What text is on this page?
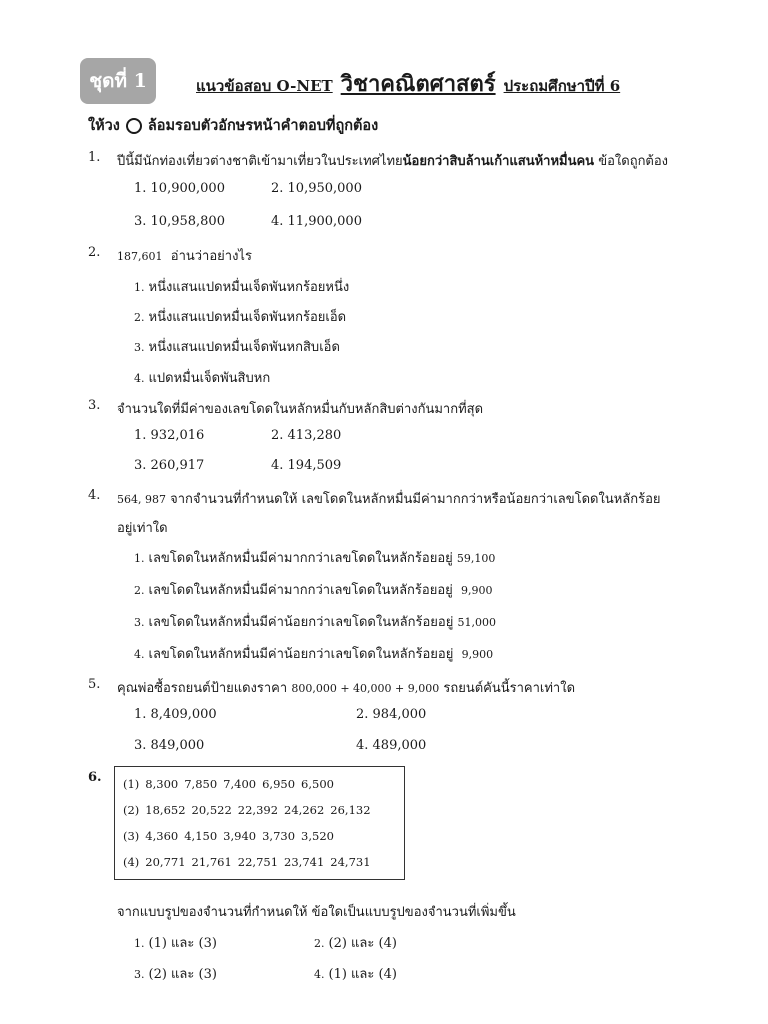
ชุดที่ 1	แนวข้อสอบ O-NET วิชาคณิตศาสตร์ ประถมศึกษาปีที่ 6
ให้วง ล้อมรอบตัวอักษรหน้าคำตอบที่ถูกต้อง
1. ปีนี้มีนักท่องเที่ยวต่างชาติเข้ามาเที่ยวในประเทศไทยน้อยกว่าสิบล้านเก้าแสนห้าหมื่นคน ข้อใดถูกต้อง
1. 10,900,000	2. 10,950,000
3. 10,958,800	4. 11,900,000
2. 187,601 อ่านว่าอย่างไร
1. หนึ่งแสนแปดหมื่นเจ็ดพันหกร้อยหนึ่ง
2. หนึ่งแสนแปดหมื่นเจ็ดพันหกร้อยเอ็ด
3. หนึ่งแสนแปดหมื่นเจ็ดพันหกสิบเอ็ด
4. แปดหมื่นเจ็ดพันสิบหก
3. จำนวนใดที่มีค่าของเลขโดดในหลักหมื่นกับหลักสิบต่างกันมากที่สุด
1. 932,016	2. 413,280
3. 260,917	4. 194,509
4. 564, 987 จากจำนวนที่กำหนดให้ เลขโดดในหลักหมื่นมีค่ามากกว่าหรือน้อยกว่าเลขโดดในหลักร้อย
อยู่เท่าใด
1. เลขโดดในหลักหมื่นมีค่ามากกว่าเลขโดดในหลักร้อยอยู่ 59,100
2. เลขโดดในหลักหมื่นมีค่ามากกว่าเลขโดดในหลักร้อยอยู่ 9,900
3. เลขโดดในหลักหมื่นมีค่าน้อยกว่าเลขโดดในหลักร้อยอยู่ 51,000
4. เลขโดดในหลักหมื่นมีค่าน้อยกว่าเลขโดดในหลักร้อยอยู่ 9,900
5. คุณพ่อซื้อรถยนต์ป้ายแดงราคา 800,000 + 40,000 + 9,000 รถยนต์คันนี้ราคาเท่าใด
1. 8,409,000	2. 984,000
3. 849,000	4. 489,000
6. (1) 8,300 7,850 7,400 6,950 6,500
(2) 18,652 20,522 22,392 24,262 26,132
(3) 4,360 4,150 3,940 3,730 3,520
(4) 20,771 21,761 22,751 23,741 24,731
จากแบบรูปของจำนวนที่กำหนดให้ ข้อใดเป็นแบบรูปของจำนวนที่เพิ่มขึ้น
1. (1) และ (3)	2. (2) และ (4)
3. (2) และ (3)	4. (1) และ (4)
